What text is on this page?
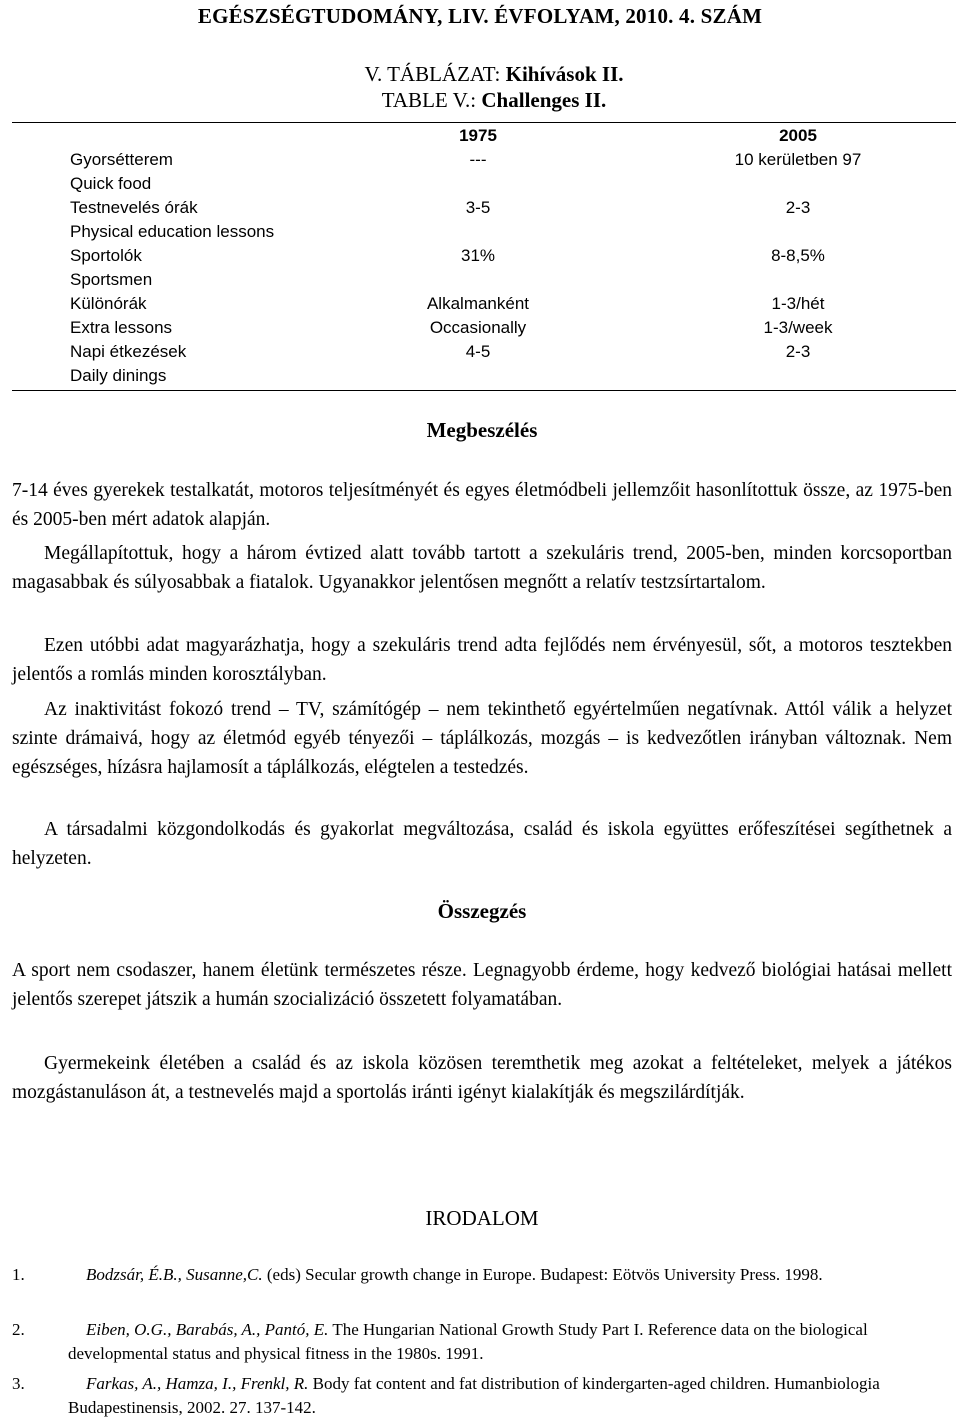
EGÉSZSÉGTUDOMÁNY, LIV. ÉVFOLYAM, 2010. 4. SZÁM
V. TÁBLÁZAT: Kihívások II.
TABLE V.: Challenges II.
1975	2005
Gyorsétterem	---	10 kerületben 97
Quick food
Testnevelés órák	3-5	2-3
Physical education lessons
Sportolók	31%	8-8,5%
Sportsmen
Különórák	Alkalmanként	1-3/hét
Extra lessons	Occasionally	1-3/week
Napi étkezések	4-5	2-3
Daily dinings
Megbeszélés
7-14 éves gyerekek testalkatát, motoros teljesítményét és egyes életmódbeli jellemzőit hasonlítottuk össze, az 1975-ben és 2005-ben mért adatok alapján.
Megállapítottuk, hogy a három évtized alatt tovább tartott a szekuláris trend, 2005-ben, minden korcsoportban magasabbak és súlyosabbak a fiatalok. Ugyanakkor jelentősen megnőtt a relatív testzsírtartalom.
Ezen utóbbi adat magyarázhatja, hogy a szekuláris trend adta fejlődés nem érvényesül, sőt, a motoros tesztekben jelentős a romlás minden korosztályban.
Az inaktivitást fokozó trend – TV, számítógép – nem tekinthető egyértelműen negatívnak. Attól válik a helyzet szinte drámaivá, hogy az életmód egyéb tényezői – táplálkozás, mozgás – is kedvezőtlen irányban változnak. Nem egészséges, hízásra hajlamosít a táplálkozás, elégtelen a testedzés.
A társadalmi közgondolkodás és gyakorlat megváltozása, család és iskola együttes erőfeszítései segíthetnek a helyzeten.
Összegzés
A sport nem csodaszer, hanem életünk természetes része. Legnagyobb érdeme, hogy kedvező biológiai hatásai mellett jelentős szerepet játszik a humán szocializáció összetett folyamatában.
Gyermekeink életében a család és az iskola közösen teremthetik meg azokat a feltételeket, melyek a játékos mozgástanuláson át, a testnevelés majd a sportolás iránti igényt kialakítják és megszilárdítják.
IRODALOM
1.	Bodzsár, É.B., Susanne,C. (eds) Secular growth change in Europe. Budapest: Eötvös University Press. 1998.
2.	Eiben, O.G., Barabás, A., Pantó, E. The Hungarian National Growth Study Part I. Reference data on the biological developmental status and physical fitness in the 1980s. 1991.
3.	Farkas, A., Hamza, I., Frenkl, R. Body fat content and fat distribution of kindergarten-aged children. Humanbiologia Budapestinensis, 2002. 27. 137-142.
